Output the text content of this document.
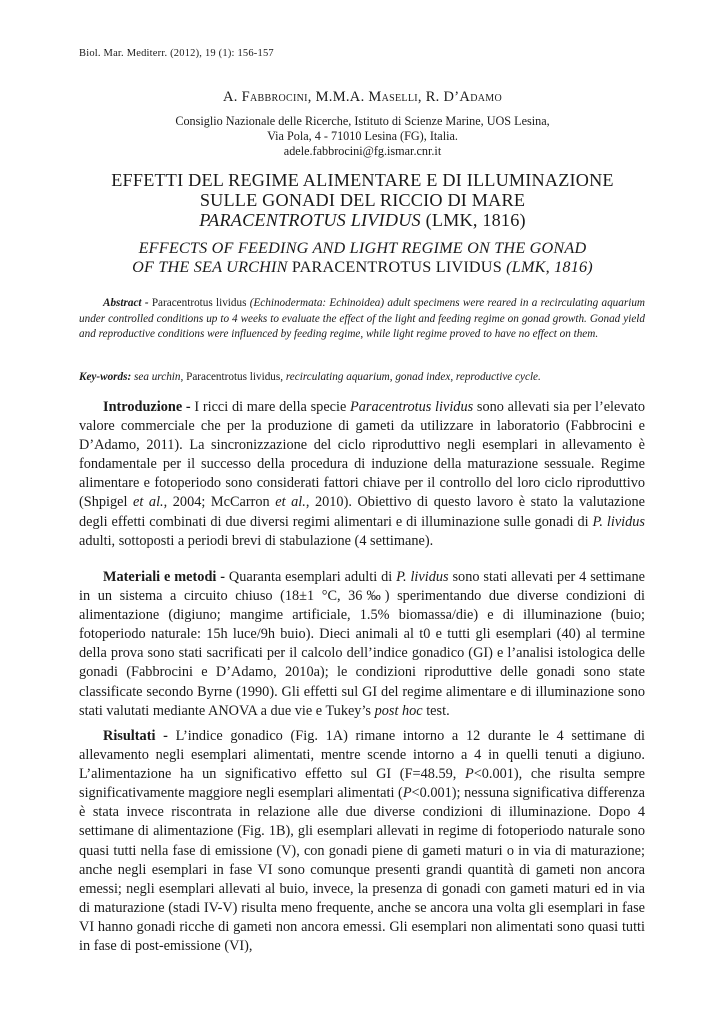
Biol. Mar. Mediterr. (2012), 19 (1): 156-157
A. Fabbrocini, M.M.A. Maselli, R. D’Adamo
Consiglio Nazionale delle Ricerche, Istituto di Scienze Marine, UOS Lesina,
Via Pola, 4 - 71010 Lesina (FG), Italia.
adele.fabbrocini@fg.ismar.cnr.it
EFFETTI DEL REGIME ALIMENTARE E DI ILLUMINAZIONE
SULLE GONADI DEL RICCIO DI MARE
PARACENTROTUS LIVIDUS (LMK, 1816)
EFFECTS OF FEEDING AND LIGHT REGIME ON THE GONAD
OF THE SEA URCHIN PARACENTROTUS LIVIDUS (LMK, 1816)
Abstract - Paracentrotus lividus (Echinodermata: Echinoidea) adult specimens were reared in a recirculating aquarium under controlled conditions up to 4 weeks to evaluate the effect of the light and feeding regime on gonad growth. Gonad yield and reproductive conditions were influenced by feeding regime, while light regime proved to have no effect on them.
Key-words: sea urchin, Paracentrotus lividus, recirculating aquarium, gonad index, reproductive cycle.
Introduzione - I ricci di mare della specie Paracentrotus lividus sono allevati sia per l’elevato valore commerciale che per la produzione di gameti da utilizzare in laboratorio (Fabbrocini e D’Adamo, 2011). La sincronizzazione del ciclo riproduttivo negli esemplari in allevamento è fondamentale per il successo della procedura di induzione della maturazione sessuale. Regime alimentare e fotoperiodo sono considerati fattori chiave per il controllo del loro ciclo riproduttivo (Shpigel et al., 2004; McCarron et al., 2010). Obiettivo di questo lavoro è stato la valutazione degli effetti combinati di due diversi regimi alimentari e di illuminazione sulle gonadi di P. lividus adulti, sottoposti a periodi brevi di stabulazione (4 settimane).
Materiali e metodi - Quaranta esemplari adulti di P. lividus sono stati allevati per 4 settimane in un sistema a circuito chiuso (18±1 °C, 36‰) sperimentando due diverse condizioni di alimentazione (digiuno; mangime artificiale, 1.5% biomassa/die) e di illuminazione (buio; fotoperiodo naturale: 15h luce/9h buio). Dieci animali al t0 e tutti gli esemplari (40) al termine della prova sono stati sacrificati per il calcolo dell’indice gonadico (GI) e l’analisi istologica delle gonadi (Fabbrocini e D’Adamo, 2010a); le condizioni riproduttive delle gonadi sono state classificate secondo Byrne (1990). Gli effetti sul GI del regime alimentare e di illuminazione sono stati valutati mediante ANOVA a due vie e Tukey’s post hoc test.
Risultati - L’indice gonadico (Fig. 1A) rimane intorno a 12 durante le 4 settimane di allevamento negli esemplari alimentati, mentre scende intorno a 4 in quelli tenuti a digiuno. L’alimentazione ha un significativo effetto sul GI (F=48.59, P<0.001), che risulta sempre significativamente maggiore negli esemplari alimentati (P<0.001); nessuna significativa differenza è stata invece riscontrata in relazione alle due diverse condizioni di illuminazione. Dopo 4 settimane di alimentazione (Fig. 1B), gli esemplari allevati in regime di fotoperiodo naturale sono quasi tutti nella fase di emissione (V), con gonadi piene di gameti maturi o in via di maturazione; anche negli esemplari in fase VI sono comunque presenti grandi quantità di gameti non ancora emessi; negli esemplari allevati al buio, invece, la presenza di gonadi con gameti maturi ed in via di maturazione (stadi IV-V) risulta meno frequente, anche se ancora una volta gli esemplari in fase VI hanno gonadi ricche di gameti non ancora emessi. Gli esemplari non alimentati sono quasi tutti in fase di post-emissione (VI),
